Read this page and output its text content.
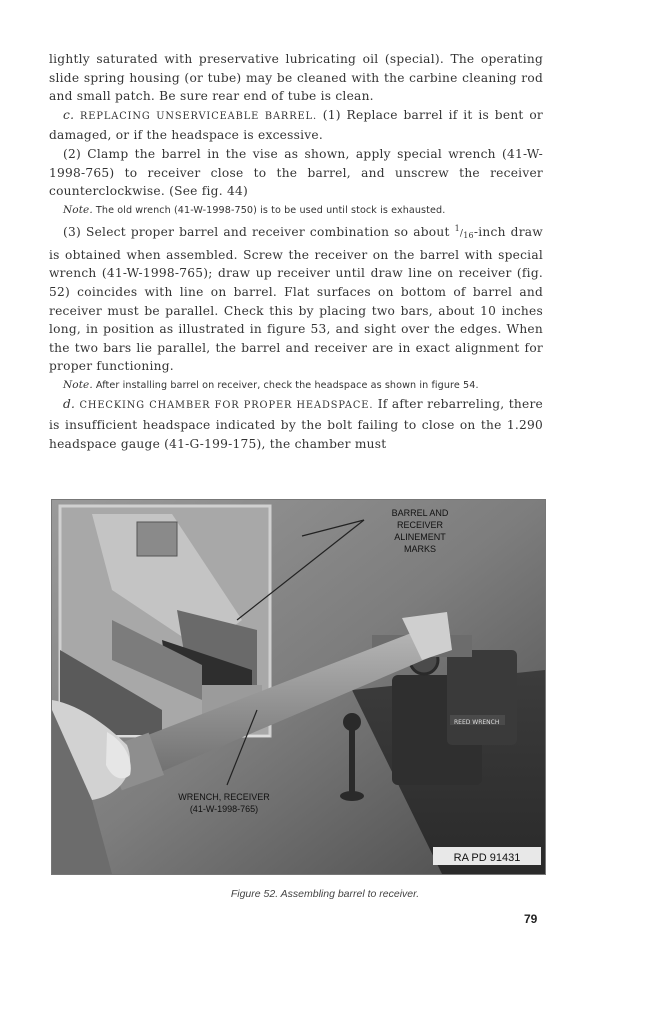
lightly saturated with preservative lubricating oil (special). The operating slide spring housing (or tube) may be cleaned with the carbine cleaning rod and small patch. Be sure rear end of tube is clean.

c. REPLACING UNSERVICEABLE BARREL. (1) Replace barrel if it is bent or damaged, or if the headspace is excessive.

(2) Clamp the barrel in the vise as shown, apply special wrench (41-W-1998-765) to receiver close to the barrel, and unscrew the receiver counterclockwise. (See fig. 44)

Note. The old wrench (41-W-1998-750) is to be used until stock is exhausted.

(3) Select proper barrel and receiver combination so about $^1/_{16}$-inch draw is obtained when assembled. Screw the receiver on the barrel with special wrench (41-W-1998-765); draw up receiver until draw line on receiver (fig. 52) coincides with line on barrel. Flat surfaces on bottom of barrel and receiver must be parallel. Check this by placing two bars, about 10 inches long, in position as illustrated in figure 53, and sight over the edges. When the two bars lie parallel, the barrel and receiver are in exact alignment for proper functioning.

Note. After installing barrel on receiver, check the headspace as shown in figure 54.

d. CHECKING CHAMBER FOR PROPER HEADSPACE. If after rebarreling, there is insufficient headspace indicated by the bolt failing to close on the 1.290 headspace gauge (41-G-199-175), the chamber must

REED WRENCH
BARREL AND
RECEIVER
ALINEMENT
MARKS
WRENCH, RECEIVER
(41-W-1998-765)
RA PD 91431
Figure 52. Assembling barrel to receiver.
79
